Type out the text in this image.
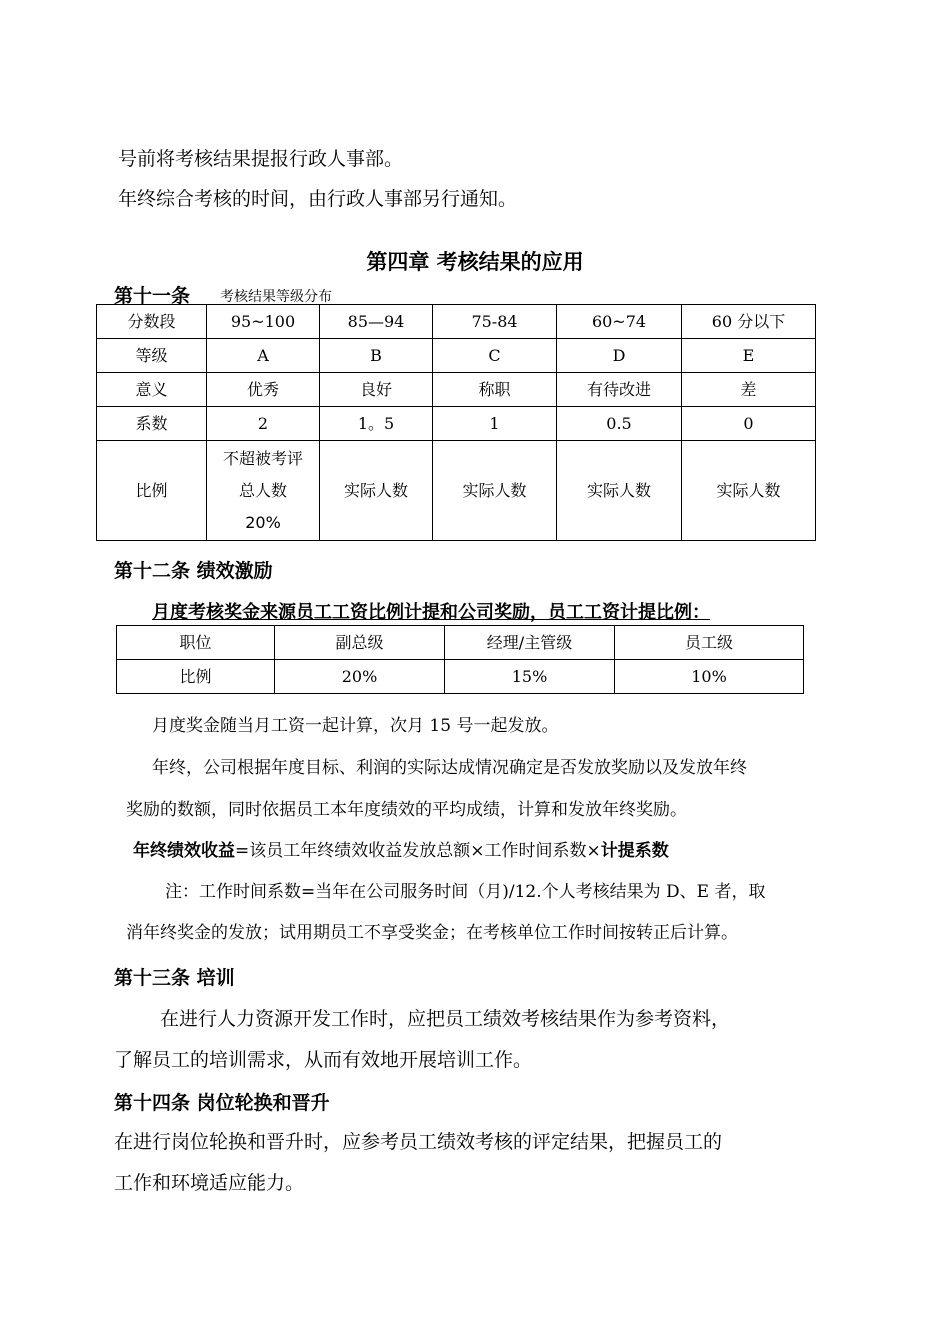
号前将考核结果提报行政人事部。
年终综合考核的时间，由行政人事部另行通知。
第四章 考核结果的应用
第十一条 考核结果等级分布
分数段	95~100	85—94	75-84	60~74	60 分以下
等级	A	B	C	D	E
意义	优秀	良好	称职	有待改进	差
系数	2	1。5	1	0.5	0
比例	不超被考评
总人数
20%	实际人数	实际人数	实际人数	实际人数
第十二条 绩效激励
月度考核奖金来源员工工资比例计提和公司奖励，员工工资计提比例：
职位	副总级	经理/主管级	员工级
比例	20%	15%	10%
月度奖金随当月工资一起计算，次月 15 号一起发放。
年终，公司根据年度目标、利润的实际达成情况确定是否发放奖励以及发放年终
奖励的数额，同时依据员工本年度绩效的平均成绩，计算和发放年终奖励。
年终绩效收益=该员工年终绩效收益发放总额×工作时间系数×计提系数
注：工作时间系数=当年在公司服务时间（月)/12.个人考核结果为 D、E 者，取
消年终奖金的发放；试用期员工不享受奖金；在考核单位工作时间按转正后计算。
第十三条 培训
在进行人力资源开发工作时，应把员工绩效考核结果作为参考资料，
了解员工的培训需求，从而有效地开展培训工作。
第十四条 岗位轮换和晋升
在进行岗位轮换和晋升时，应参考员工绩效考核的评定结果，把握员工的
工作和环境适应能力。
